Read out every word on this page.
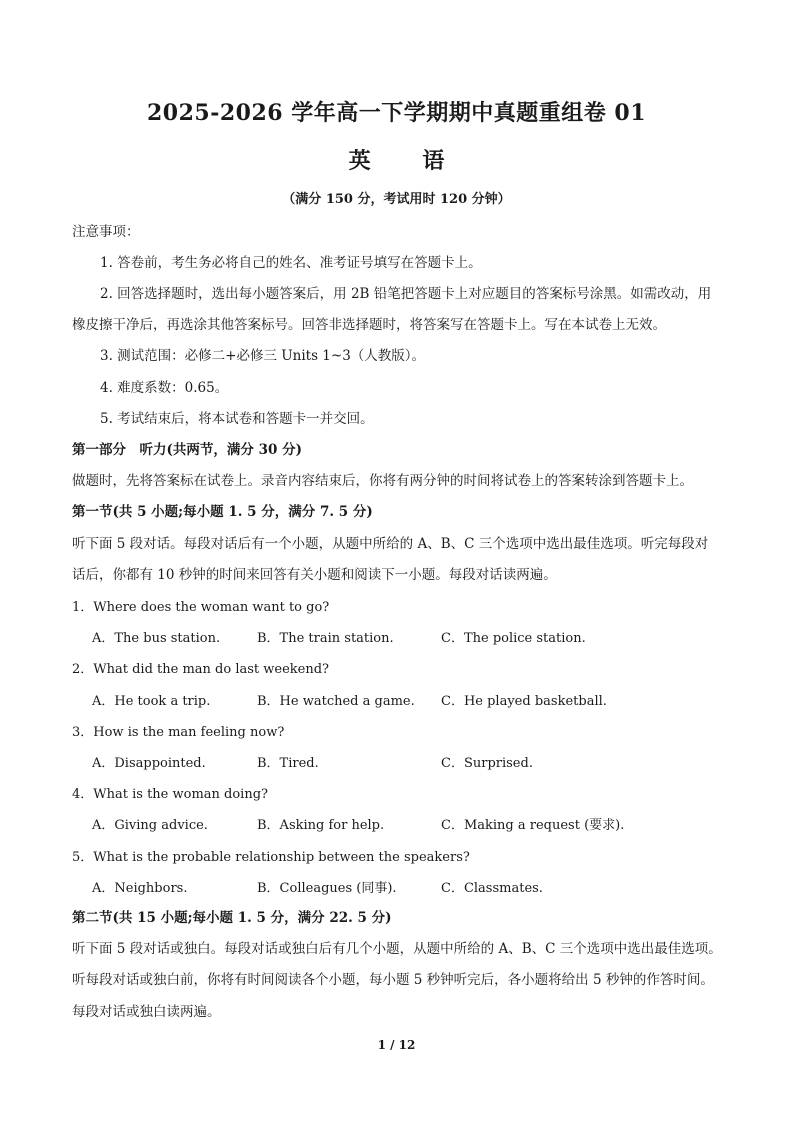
2025-2026 学年高一下学期期中真题重组卷 01
英 语
（满分 150 分，考试用时 120 分钟）
注意事项：
1. 答卷前，考生务必将自己的姓名、准考证号填写在答题卡上。
2. 回答选择题时，选出每小题答案后，用 2B 铅笔把答题卡上对应题目的答案标号涂黑。如需改动，用
橡皮擦干净后，再选涂其他答案标号。回答非选择题时，将答案写在答题卡上。写在本试卷上无效。
3. 测试范围：必修二+必修三 Units 1~3（人教版）。
4. 难度系数：0.65。
5. 考试结束后，将本试卷和答题卡一并交回。
第一部分　听力(共两节，满分 30 分)
做题时，先将答案标在试卷上。录音内容结束后，你将有两分钟的时间将试卷上的答案转涂到答题卡上。
第一节(共 5 小题;每小题 1. 5 分，满分 7. 5 分)
听下面 5 段对话。每段对话后有一个小题，从题中所给的 A、B、C 三个选项中选出最佳选项。听完每段对
话后，你都有 10 秒钟的时间来回答有关小题和阅读下一小题。每段对话读两遍。
1．Where does the woman want to go?
A．The bus station.	B．The train station.	C．The police station.
2．What did the man do last weekend?
A．He took a trip.	B．He watched a game. C．He played basketball.
3．How is the man feeling now?
A．Disappointed.	B．Tired.	C．Surprised.
4．What is the woman doing?
A．Giving advice.	B．Asking for help.	C．Making a request (要求).
5．What is the probable relationship between the speakers?
A．Neighbors.	B．Colleagues (同事).	C．Classmates.
第二节(共 15 小题;每小题 1. 5 分，满分 22. 5 分)
听下面 5 段对话或独白。每段对话或独白后有几个小题，从题中所给的 A、B、C 三个选项中选出最佳选项。
听每段对话或独白前，你将有时间阅读各个小题，每小题 5 秒钟听完后，各小题将给出 5 秒钟的作答时间。
每段对话或独白读两遍。
1 / 12
